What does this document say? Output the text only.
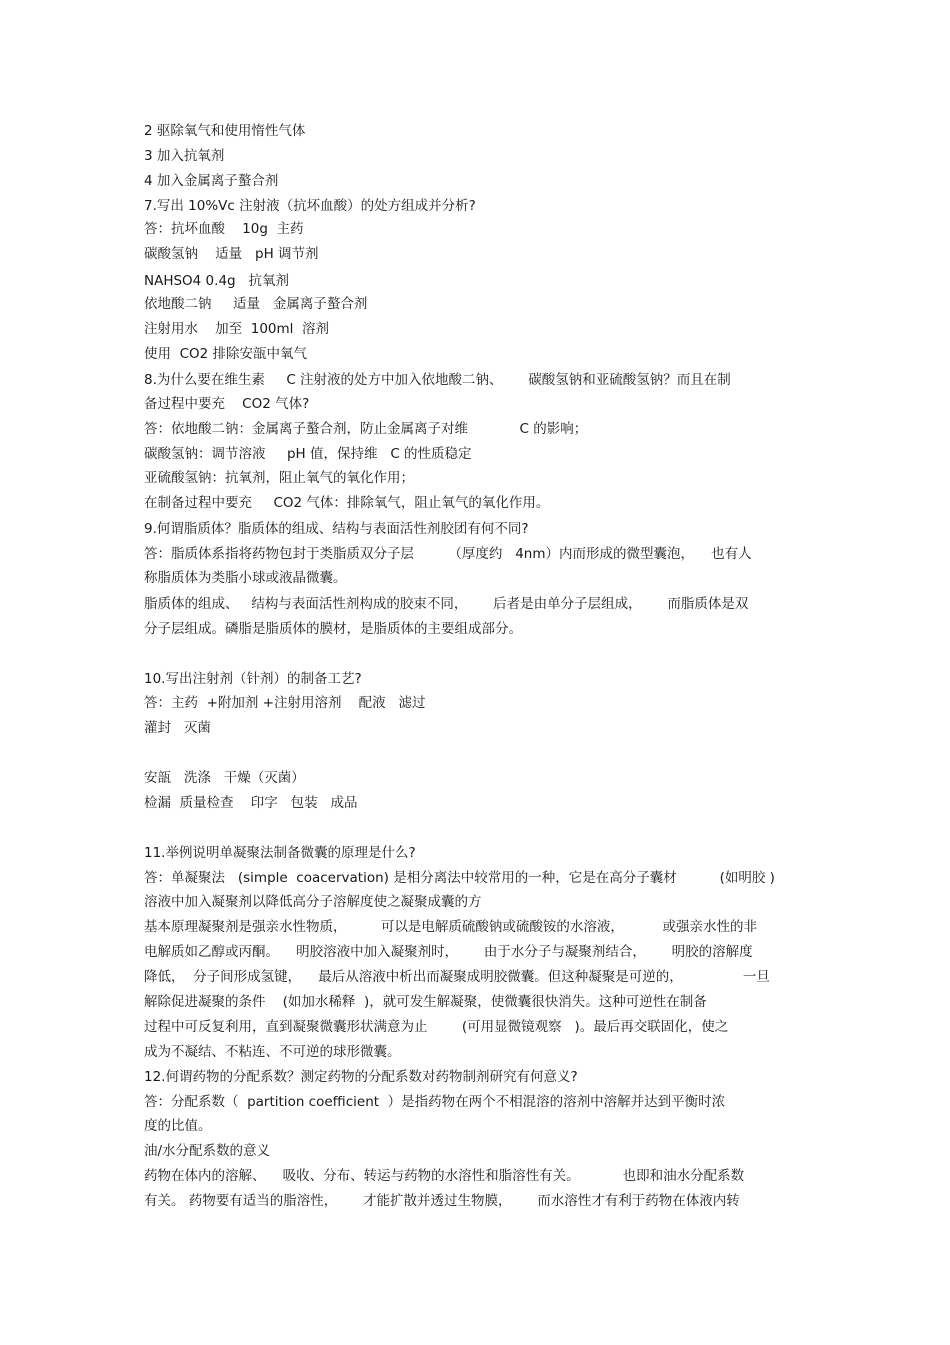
2 驱除氧气和使用惰性气体
3 加入抗氧剂
4 加入金属离子螯合剂
7.写出 10%Vc 注射液（抗坏血酸）的处方组成并分析?
答：抗坏血酸    10g  主药
碳酸氢钠    适量   pH 调节剂
NAHSO4 0.4g   抗氧剂
依地酸二钠     适量   金属离子螯合剂
注射用水    加至  100ml  溶剂
使用  CO2 排除安瓿中氧气
8.为什么要在维生素     C 注射液的处方中加入依地酸二钠、      碳酸氢钠和亚硫酸氢钠？而且在制
备过程中要充    CO2 气体?
答：依地酸二钠：金属离子螯合剂，防止金属离子对维            C 的影响；
碳酸氢钠：调节溶液     pH 值，保持维   C 的性质稳定
亚硫酸氢钠：抗氧剂，阻止氧气的氧化作用；
在制备过程中要充     CO2 气体：排除氧气，阻止氧气的氧化作用。
9.何谓脂质体？脂质体的组成、结构与表面活性剂胶团有何不同?
答：脂质体系指将药物包封于类脂质双分子层        （厚度约   4nm）内而形成的微型囊泡，    也有人
称脂质体为类脂小球或液晶微囊。
脂质体的组成、   结构与表面活性剂构成的胶束不同，      后者是由单分子层组成，      而脂质体是双
分子层组成。磷脂是脂质体的膜材，是脂质体的主要组成部分。
10.写出注射剂（针剂）的制备工艺?
答：主药  +附加剂 +注射用溶剂    配液   滤过
灌封   灭菌
安瓿   洗涤   干燥（灭菌）
检漏  质量检查    印字   包装   成品
11.举例说明单凝聚法制备微囊的原理是什么?
答：单凝聚法   (simple  coacervation) 是相分离法中较常用的一种，它是在高分子囊材          (如明胶 )
溶液中加入凝聚剂以降低高分子溶解度使之凝聚成囊的方
基本原理凝聚剂是强亲水性物质，        可以是电解质硫酸钠或硫酸铵的水溶液，         或强亲水性的非
电解质如乙醇或丙酮。    明胶溶液中加入凝聚剂时，      由于水分子与凝聚剂结合，      明胶的溶解度
降低，  分子间形成氢键，    最后从溶液中析出而凝聚成明胶微囊。但这种凝聚是可逆的，              一旦
解除促进凝聚的条件    (如加水稀释  )，就可发生解凝聚，使微囊很快消失。这种可逆性在制备
过程中可反复利用，直到凝聚微囊形状满意为止        (可用显微镜观察   )。最后再交联固化，使之
成为不凝结、不粘连、不可逆的球形微囊。
12.何谓药物的分配系数？测定药物的分配系数对药物制剂研究有何意义?
答：分配系数（  partition coefficient  ）是指药物在两个不相混溶的溶剂中溶解并达到平衡时浓
度的比值。
油/水分配系数的意义
药物在体内的溶解、    吸收、分布、转运与药物的水溶性和脂溶性有关。          也即和油水分配系数
有关。 药物要有适当的脂溶性，      才能扩散并透过生物膜，      而水溶性才有利于药物在体液内转
